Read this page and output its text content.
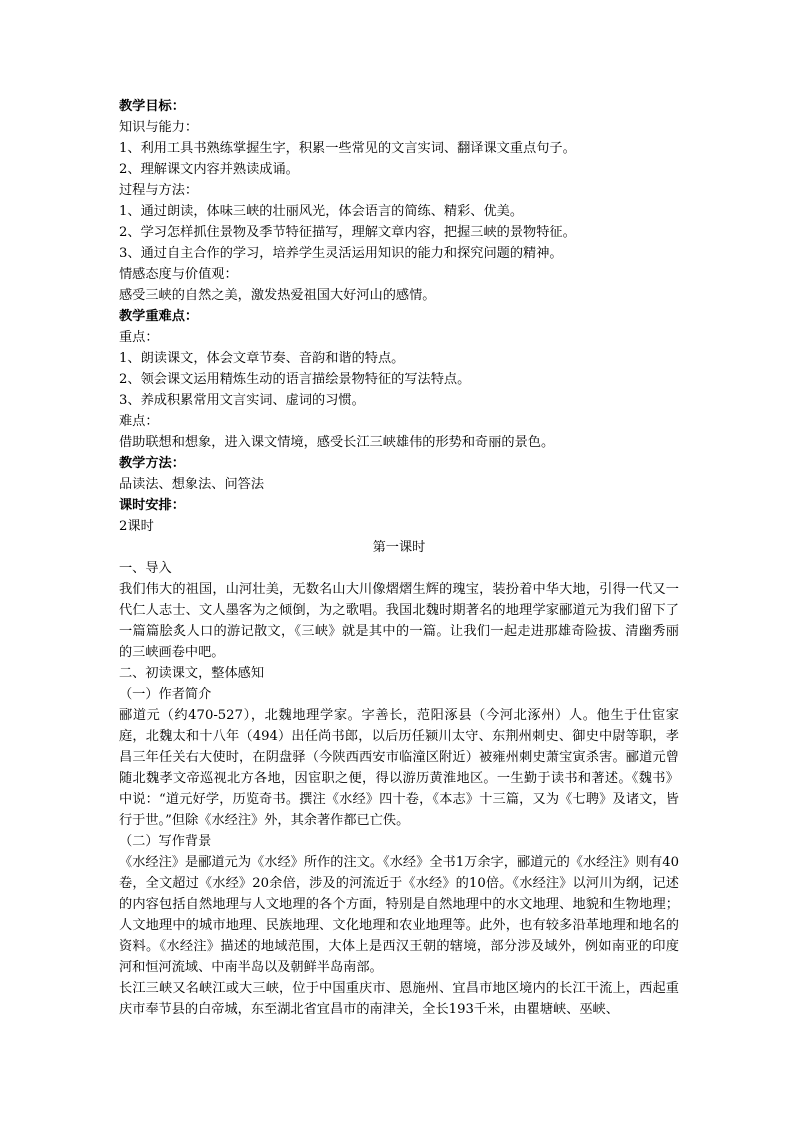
教学目标：
知识与能力：
1、利用工具书熟练掌握生字，积累一些常见的文言实词、翻译课文重点句子。
2、理解课文内容并熟读成诵。
过程与方法：
1、通过朗读，体味三峡的壮丽风光，体会语言的简练、精彩、优美。
2、学习怎样抓住景物及季节特征描写，理解文章内容，把握三峡的景物特征。
3、通过自主合作的学习，培养学生灵活运用知识的能力和探究问题的精神。
情感态度与价值观：
感受三峡的自然之美，激发热爱祖国大好河山的感情。
教学重难点：
重点：
1、朗读课文，体会文章节奏、音韵和谐的特点。
2、领会课文运用精炼生动的语言描绘景物特征的写法特点。
3、养成积累常用文言实词、虚词的习惯。
难点：
借助联想和想象，进入课文情境，感受长江三峡雄伟的形势和奇丽的景色。
教学方法：
品读法、想象法、问答法
课时安排：
2课时
第一课时
一、导入
我们伟大的祖国，山河壮美，无数名山大川像熠熠生辉的瑰宝，装扮着中华大地，引得一代又一代仁人志士、文人墨客为之倾倒，为之歌唱。我国北魏时期著名的地理学家郦道元为我们留下了一篇篇脍炙人口的游记散文，《三峡》就是其中的一篇。让我们一起走进那雄奇险拔、清幽秀丽的三峡画卷中吧。
二、初读课文，整体感知
（一）作者简介
郦道元（约470-527），北魏地理学家。字善长，范阳涿县（今河北涿州）人。他生于仕宦家庭，北魏太和十八年（494）出任尚书郎，以后历任颍川太守、东荆州刺史、御史中尉等职，孝昌三年任关右大使时，在阴盘驿（今陕西西安市临潼区附近）被雍州刺史萧宝寅杀害。郦道元曾随北魏孝文帝巡视北方各地，因宦职之便，得以游历黄淮地区。一生勤于读书和著述。《魏书》中说：“道元好学，历览奇书。撰注《水经》四十卷，《本志》十三篇，又为《七聘》及诸文，皆行于世。”但除《水经注》外，其余著作都已亡佚。
（二）写作背景
《水经注》是郦道元为《水经》所作的注文。《水经》全书1万余字，郦道元的《水经注》则有40卷，全文超过《水经》20余倍，涉及的河流近于《水经》的10倍。《水经注》以河川为纲，记述的内容包括自然地理与人文地理的各个方面，特别是自然地理中的水文地理、地貌和生物地理；人文地理中的城市地理、民族地理、文化地理和农业地理等。此外，也有较多沿革地理和地名的资料。《水经注》描述的地域范围，大体上是西汉王朝的辖境，部分涉及域外，例如南亚的印度河和恒河流域、中南半岛以及朝鲜半岛南部。
长江三峡又名峡江或大三峡，位于中国重庆市、恩施州、宜昌市地区境内的长江干流上，西起重庆市奉节县的白帝城，东至湖北省宜昌市的南津关，全长193千米，由瞿塘峡、巫峡、
